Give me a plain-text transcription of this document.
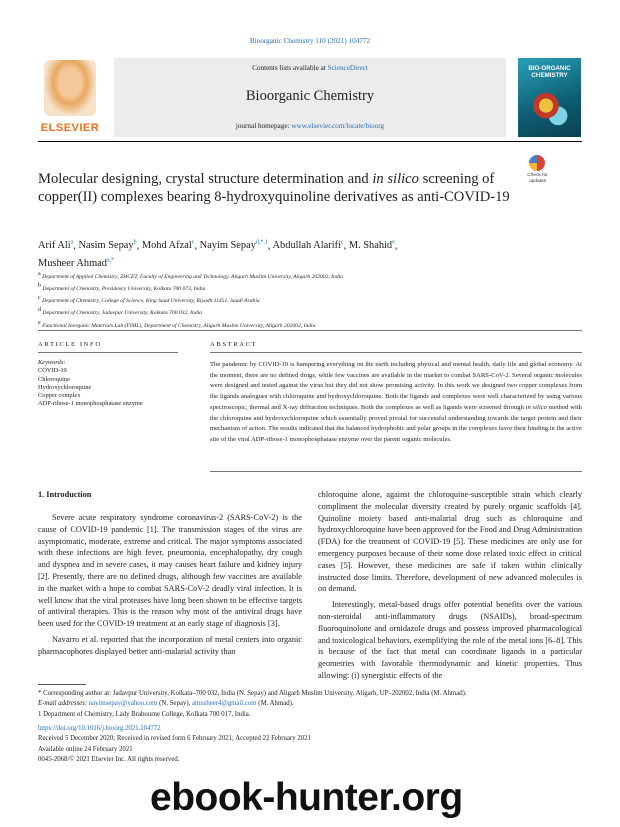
Bioorganic Chemistry 110 (2021) 104772
ELSEVIER
Contents lists available at ScienceDirect
Bioorganic Chemistry
journal homepage: www.elsevier.com/locate/bioorg
BIO-ORGANIC CHEMISTRY
Check for updates
Molecular designing, crystal structure determination and in silico screening of copper(II) complexes bearing 8-hydroxyquinoline derivatives as anti-COVID-19
Arif Ali$^a$, Nasim Sepay$^b$, Mohd Afzal$^c$, Nayim Sepay$^{d,*,1}$, Abdullah Alarifi$^c$, M. Shahid$^e$,
Musheer Ahmad$^{a,*}$
$^a$ Department of Applied Chemistry, ZHCET, Faculty of Engineering and Technology, Aligarh Muslim University, Aligarh 202002, India
$^b$ Department of Chemistry, Presidency University, Kolkata 700 073, India
$^c$ Department of Chemistry, College of Science, King Saud University, Riyadh 11451, Saudi Arabia
$^d$ Department of Chemistry, Jadavpur University, Kolkata 700 032, India
$^e$ Functional Inorganic Materials Lab (FIML), Department of Chemistry, Aligarh Muslim University, Aligarh 202002, India
ARTICLE INFO
Keywords:
COVID-19
Chloroquine
Hydroxychloroquine
Copper complex
ADP-ribose-1 monophosphatase enzyme
ABSTRACT
The pandemic by COVID-19 is hampering everything on the earth including physical and mental health, daily life and global economy. At the moment, there are no defined drugs, while few vaccines are available in the market to combat SARS-CoV-2. Several organic molecules were designed and tested against the virus but they did not show promising activity. In this work we designed two copper complexes from the ligands analogues with chloroquine and hydroxychloroquine. Both the ligands and complexes were well characterized by using various spectroscopic, thermal and X-ray diffraction techniques. Both the complexes as well as ligands were screened through in silico method with the chloroquine and hydroxychloroquine which essentially proved pivotal for successful understanding towards the target protein and their mechanism of action. The results indicated that the balanced hydrophobic and polar groups in the complexes favor their binding in the active site of the viral ADP-ribose-1 monophosphatase enzyme over the parent organic molecules.
1. Introduction

Severe acute respiratory syndrome coronavirus-2 (SARS-CoV-2) is the cause of COVID-19 pandemic [1]. The transmission stages of the virus are asymptomatic, moderate, extreme and critical. The major symptoms associated with these infections are high fever, pneumonia, encephalopathy, dry cough and dyspnea and in severe cases, it may causes heart failure and kidney injury [2]. Presently, there are no defined drugs, although few vaccines are available in the market with a hope to combat SARS-CoV-2 deadly viral infection. It is well know that the viral proteases have long been shown to be effective targets of antiviral therapies. This is the reason why most of the antiviral drugs have been used for the COVID-19 treatment at an early stage of diagnosis [3].

Navarro et al. reported that the incorporation of metal centers into organic pharmacophores displayed better anti-malarial activity than

chloroquine alone, against the chloroquine-susceptible strain which clearly compliment the molecular diversity created by purely organic scaffolds [4]. Quinoline moiety based anti-malarial drug such as chloroquine and hydroxychloroquine have been approved for the Food and Drug Administration (FDA) for the treatment of COVID-19 [5]. These medicines are only use for emergency purposes because of their some dose related toxic effect in critical cases [5]. However, these medicines are safe if taken within clinically instructed dose limits. Therefore, development of new advanced molecules is on demand.

Interestingly, metal-based drugs offer potential benefits over the various non-steroidal anti-inflammatory drugs (NSAIDs), broad-spectrum fluoroquinolone and ornidazole drugs and possess improved pharmacological and toxicological behaviors, exemplifying the role of the metal ions [6–8]. This is because of the fact that metal can coordinate ligands in a particular geometries with favorable thermodynamic and kinetic properties. Thus allowing: (i) synergistic effects of the

* Corresponding author at: Jadavpur University, Kolkata–700 032, India (N. Sepay) and Aligarh Muslim University, Aligarh, UP–202002, India (M. Ahmad).
E-mail addresses: nayimsepay@yahoo.com (N. Sepay), amusheer4@gmail.com (M. Ahmad).
1 Department of Chemistry, Lady Brabourne College, Kolkata 700 017, India.
https://doi.org/10.1016/j.bioorg.2021.104772
Received 5 December 2020; Received in revised form 6 February 2021; Accepted 22 February 2021
Available online 24 February 2021
0045-2068/© 2021 Elsevier Inc. All rights reserved.
ebook-hunter.org
